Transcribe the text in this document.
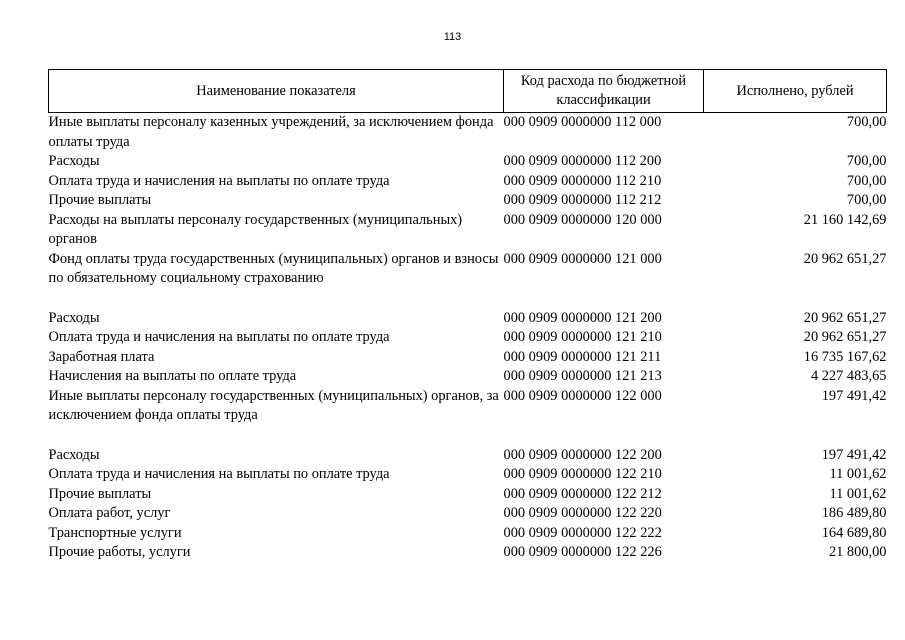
113
Наименование показателя	Код расхода по бюджетной классификации	Исполнено, рублей
Иные выплаты персоналу казенных учреждений, за исключением фонда оплаты труда	000 0909 0000000 112 000	700,00
Расходы	000 0909 0000000 112 200	700,00
Оплата труда и начисления на выплаты по оплате труда	000 0909 0000000 112 210	700,00
Прочие выплаты	000 0909 0000000 112 212	700,00
Расходы на выплаты персоналу государственных (муниципальных) органов	000 0909 0000000 120 000	21 160 142,69
Фонд оплаты труда государственных (муниципальных) органов и взносы по обязательному социальному страхованию	000 0909 0000000 121 000	20 962 651,27
Расходы	000 0909 0000000 121 200	20 962 651,27
Оплата труда и начисления на выплаты по оплате труда	000 0909 0000000 121 210	20 962 651,27
Заработная плата	000 0909 0000000 121 211	16 735 167,62
Начисления на выплаты по оплате труда	000 0909 0000000 121 213	4 227 483,65
Иные выплаты персоналу государственных (муниципальных) органов, за исключением фонда оплаты труда	000 0909 0000000 122 000	197 491,42
Расходы	000 0909 0000000 122 200	197 491,42
Оплата труда и начисления на выплаты по оплате труда	000 0909 0000000 122 210	11 001,62
Прочие выплаты	000 0909 0000000 122 212	11 001,62
Оплата работ, услуг	000 0909 0000000 122 220	186 489,80
Транспортные услуги	000 0909 0000000 122 222	164 689,80
Прочие работы, услуги	000 0909 0000000 122 226	21 800,00
